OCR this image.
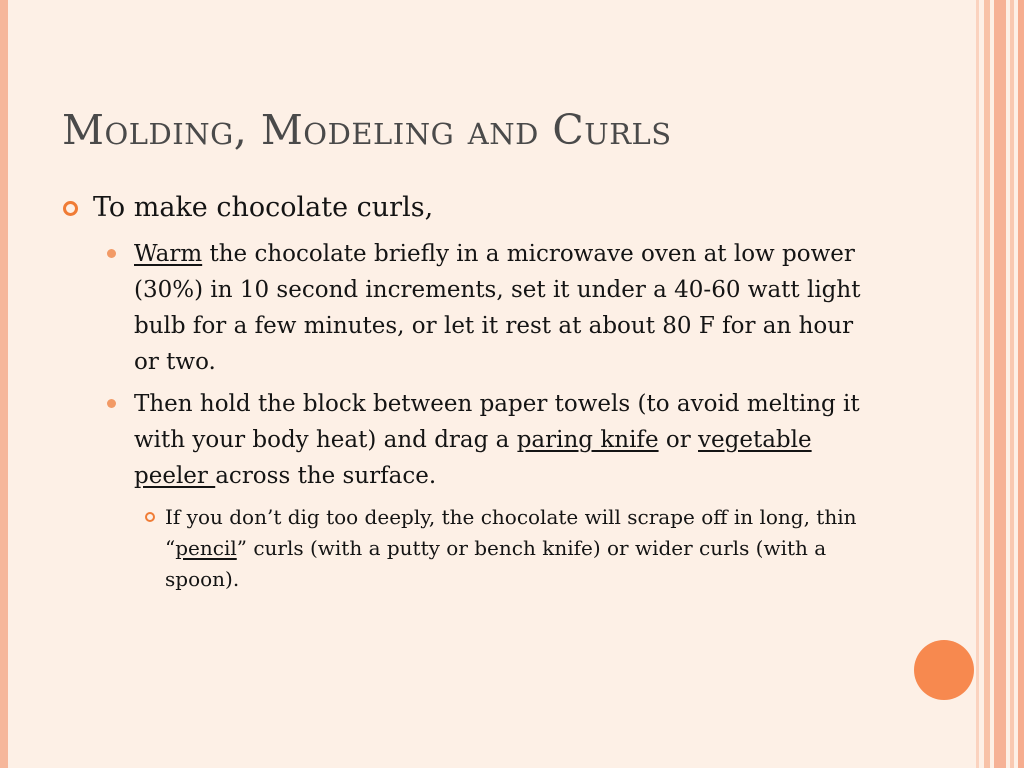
Molding, Modeling and Curls
To make chocolate curls,
Warm the chocolate briefly in a microwave oven at low power (30%) in 10 second increments, set it under a 40-60 watt light bulb for a few minutes, or let it rest at about 80 F for an hour or two.
Then hold the block between paper towels (to avoid melting it with your body heat) and drag a paring knife or vegetable peeler across the surface.
If you don’t dig too deeply, the chocolate will scrape off in long, thin “pencil” curls (with a putty or bench knife) or wider curls (with a spoon).
